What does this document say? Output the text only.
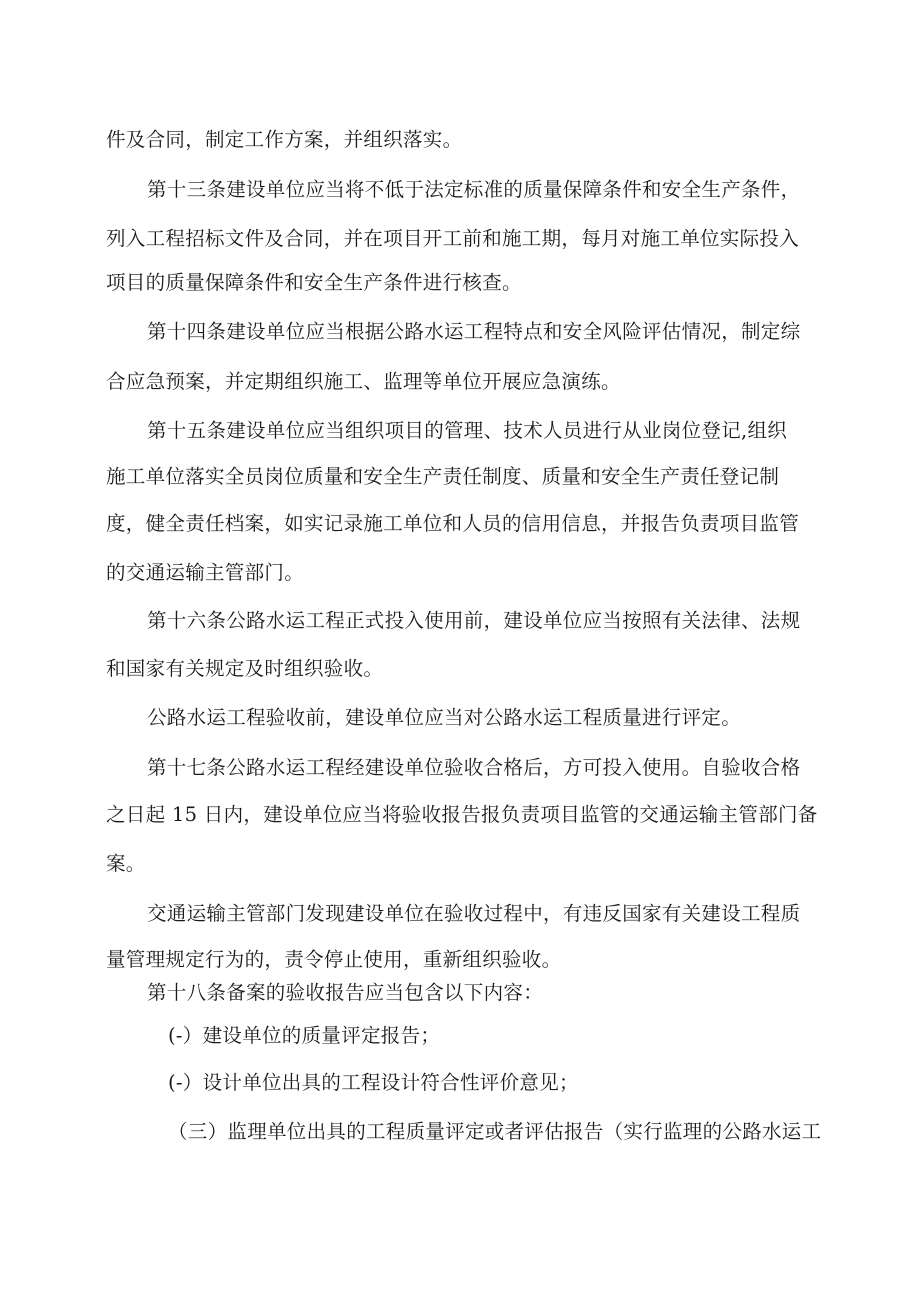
件及合同，制定工作方案，并组织落实。
第十三条建设单位应当将不低于法定标准的质量保障条件和安全生产条件，
列入工程招标文件及合同，并在项目开工前和施工期，每月对施工单位实际投入
项目的质量保障条件和安全生产条件进行核查。
第十四条建设单位应当根据公路水运工程特点和安全风险评估情况，制定综
合应急预案，并定期组织施工、监理等单位开展应急演练。
第十五条建设单位应当组织项目的管理、技术人员进行从业岗位登记,组织
施工单位落实全员岗位质量和安全生产责任制度、质量和安全生产责任登记制
度，健全责任档案，如实记录施工单位和人员的信用信息，并报告负责项目监管
的交通运输主管部门。
第十六条公路水运工程正式投入使用前，建设单位应当按照有关法律、法规
和国家有关规定及时组织验收。
公路水运工程验收前，建设单位应当对公路水运工程质量进行评定。
第十七条公路水运工程经建设单位验收合格后，方可投入使用。自验收合格
之日起 15 日内，建设单位应当将验收报告报负责项目监管的交通运输主管部门备
案。
交通运输主管部门发现建设单位在验收过程中，有违反国家有关建设工程质
量管理规定行为的，责令停止使用，重新组织验收。
第十八条备案的验收报告应当包含以下内容：
(-）建设单位的质量评定报告；
(-）设计单位出具的工程设计符合性评价意见；
（三）监理单位出具的工程质量评定或者评估报告（实行监理的公路水运工
